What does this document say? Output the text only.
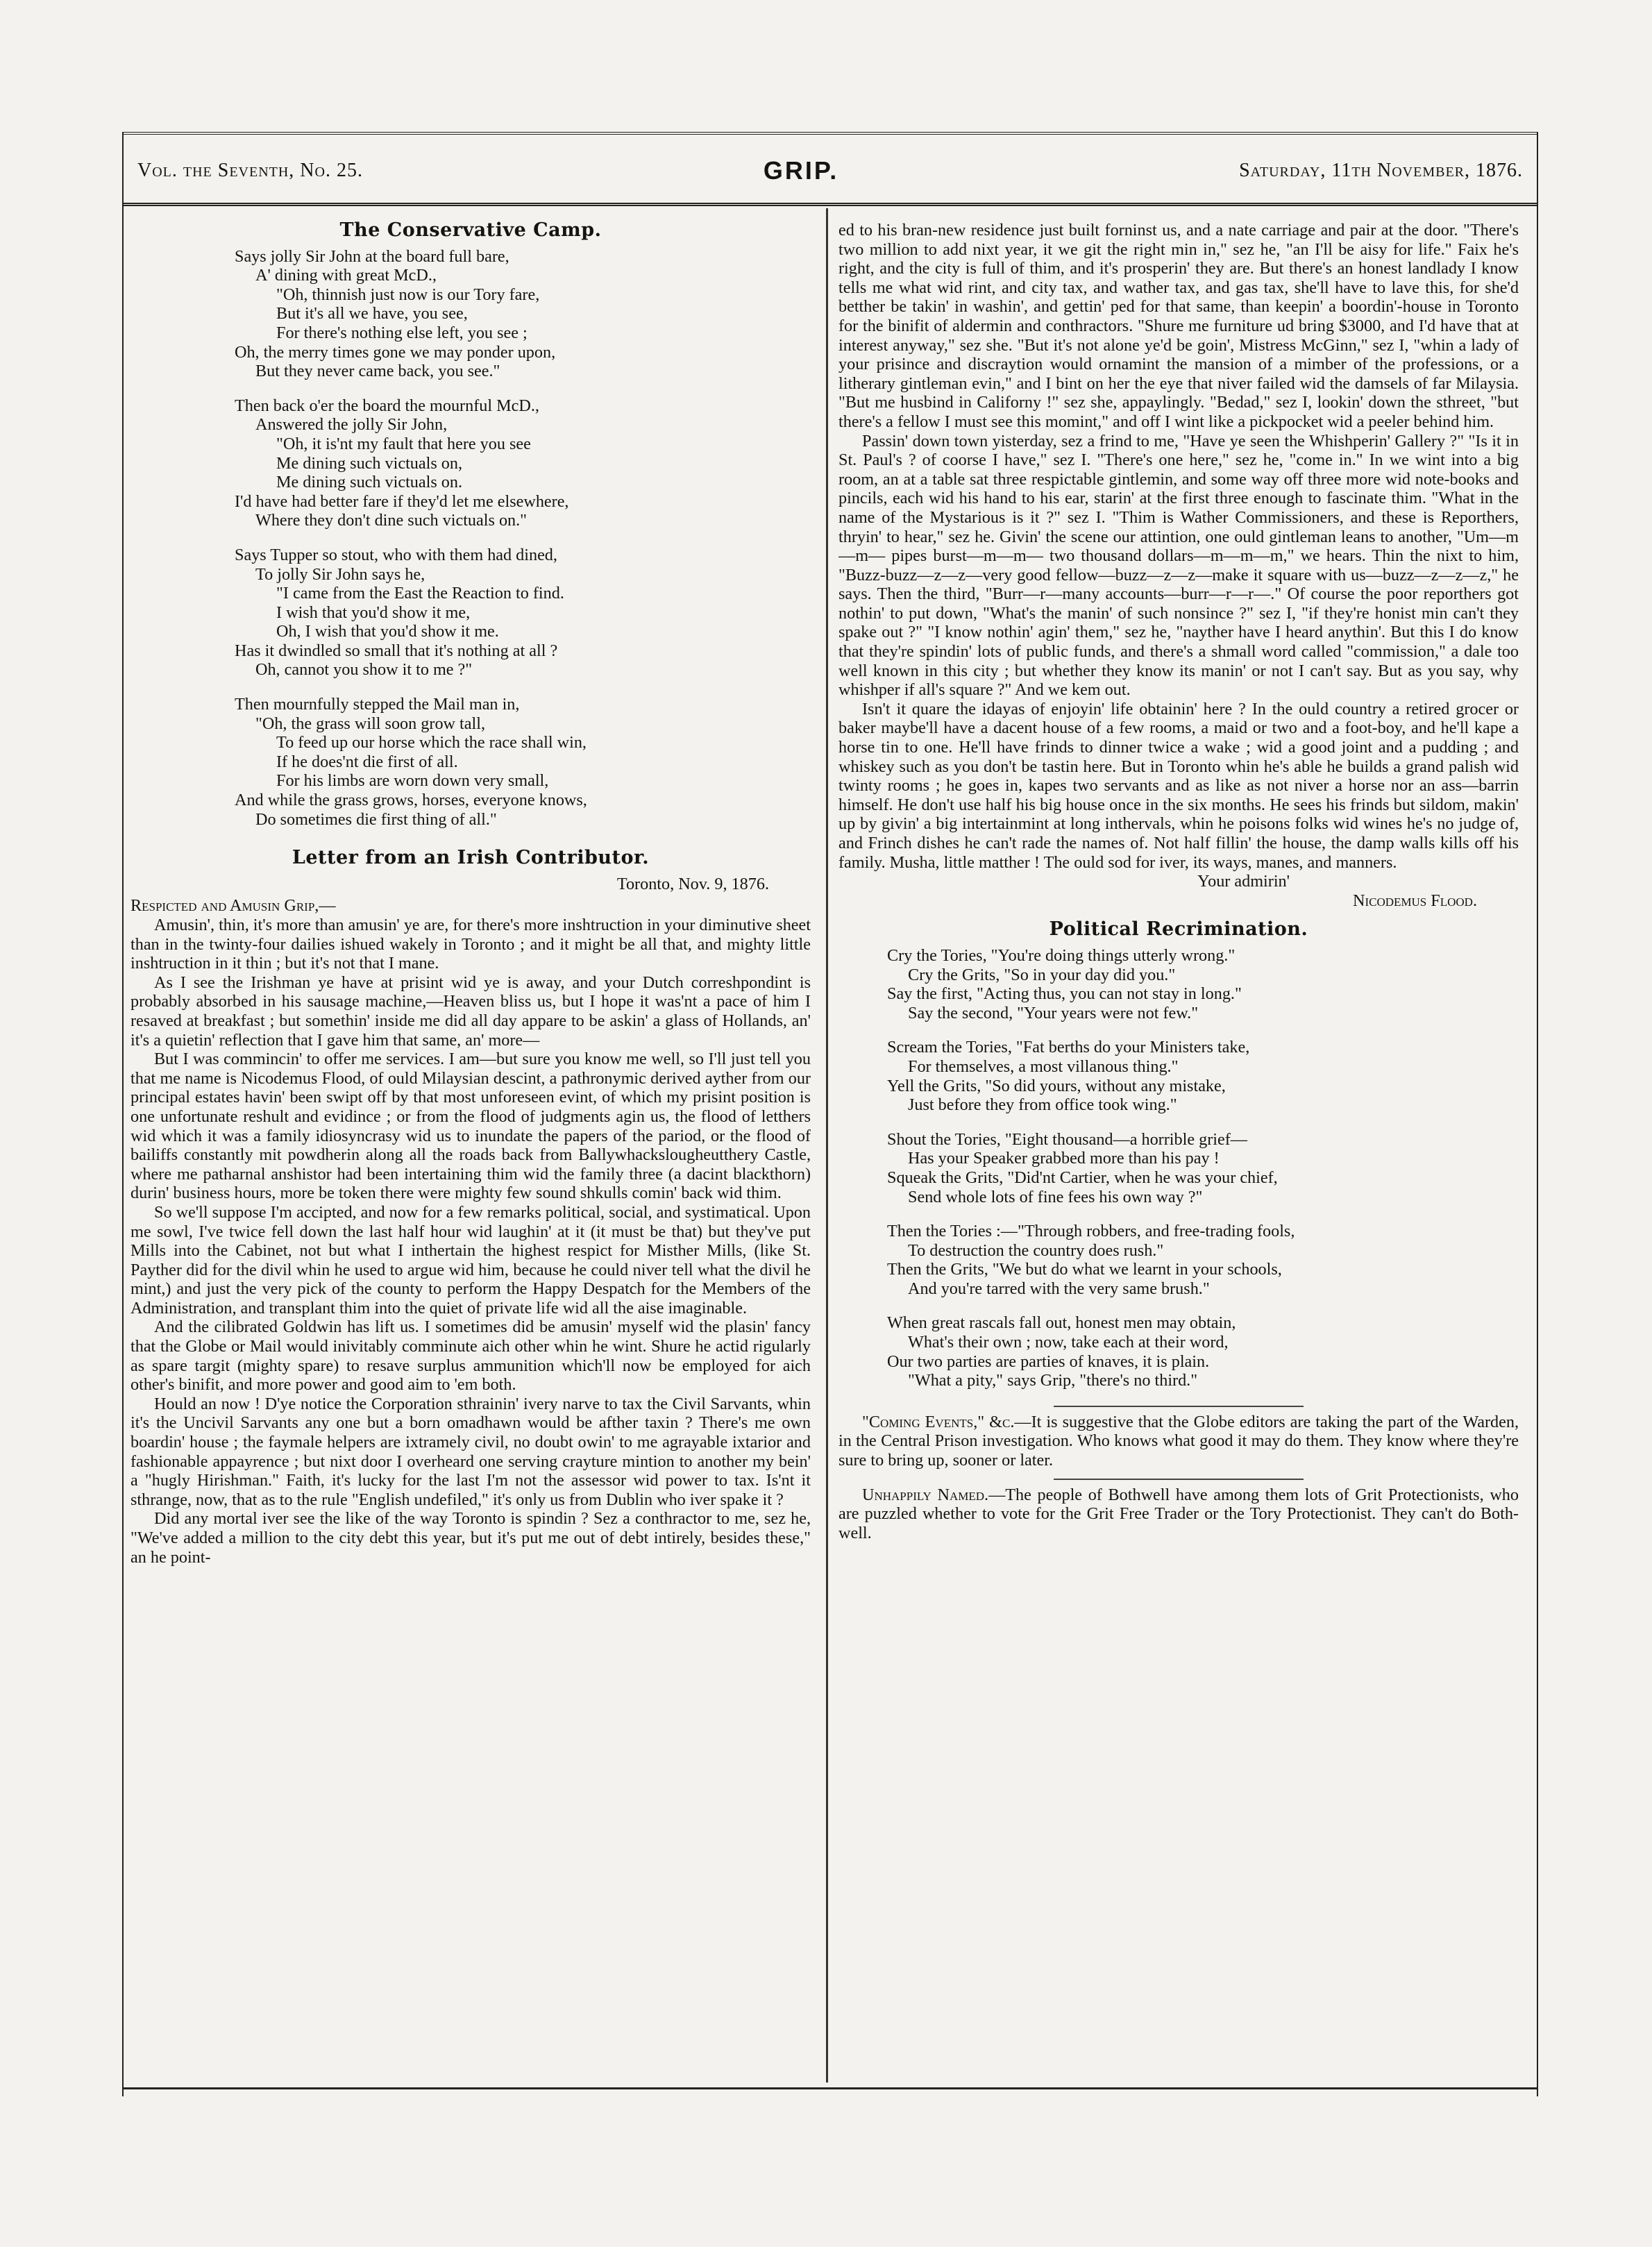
Vol. the Seventh, No. 25.	GRIP.	Saturday, 11th November, 1876.
The Conservative Camp.
Says jolly Sir John at the board full bare,
A' dining with great McD.,
"Oh, thinnish just now is our Tory fare,
But it's all we have, you see,
For there's nothing else left, you see ;
Oh, the merry times gone we may ponder upon,
But they never came back, you see."
Then back o'er the board the mournful McD.,
Answered the jolly Sir John,
"Oh, it is'nt my fault that here you see
Me dining such victuals on,
Me dining such victuals on.
I'd have had better fare if they'd let me elsewhere,
Where they don't dine such victuals on."
Says Tupper so stout, who with them had dined,
To jolly Sir John says he,
"I came from the East the Reaction to find.
I wish that you'd show it me,
Oh, I wish that you'd show it me.
Has it dwindled so small that it's nothing at all ?
Oh, cannot you show it to me ?"
Then mournfully stepped the Mail man in,
"Oh, the grass will soon grow tall,
To feed up our horse which the race shall win,
If he does'nt die first of all.
For his limbs are worn down very small,
And while the grass grows, horses, everyone knows,
Do sometimes die first thing of all."
Letter from an Irish Contributor.

Toronto, Nov. 9, 1876.

Respicted and Amusin Grip,—

Amusin', thin, it's more than amusin' ye are, for there's more inshtruction in your diminutive sheet than in the twinty-four dailies ishued wakely in Toronto ; and it might be all that, and mighty little inshtruction in it thin ; but it's not that I mane.

As I see the Irishman ye have at prisint wid ye is away, and your Dutch correshpondint is probably absorbed in his sausage machine,—Heaven bliss us, but I hope it was'nt a pace of him I resaved at breakfast ; but somethin' inside me did all day appare to be askin' a glass of Hollands, an' it's a quietin' reflection that I gave him that same, an' more—

But I was commincin' to offer me services. I am—but sure you know me well, so I'll just tell you that me name is Nicodemus Flood, of ould Milaysian descint, a pathronymic derived ayther from our principal estates havin' been swipt off by that most unforeseen evint, of which my prisint position is one unfortunate reshult and evidince ; or from the flood of judgments agin us, the flood of letthers wid which it was a family idiosyncrasy wid us to inundate the papers of the pariod, or the flood of bailiffs constantly mit powdherin along all the roads back from Ballywhackslougheutthery Castle, where me patharnal anshistor had been intertaining thim wid the family three (a dacint blackthorn) durin' business hours, more be token there were mighty few sound shkulls comin' back wid thim.

So we'll suppose I'm accipted, and now for a few remarks political, social, and systimatical. Upon me sowl, I've twice fell down the last half hour wid laughin' at it (it must be that) but they've put Mills into the Cabinet, not but what I inthertain the highest respict for Misther Mills, (like St. Payther did for the divil whin he used to argue wid him, because he could niver tell what the divil he mint,) and just the very pick of the county to perform the Happy Despatch for the Members of the Administration, and transplant thim into the quiet of private life wid all the aise imaginable.

And the cilibrated Goldwin has lift us. I sometimes did be amusin' myself wid the plasin' fancy that the Globe or Mail would inivitably comminute aich other whin he wint. Shure he actid rigularly as spare targit (mighty spare) to resave surplus ammunition which'll now be employed for aich other's binifit, and more power and good aim to 'em both.

Hould an now ! D'ye notice the Corporation sthrainin' ivery narve to tax the Civil Sarvants, whin it's the Uncivil Sarvants any one but a born omadhawn would be afther taxin ? There's me own boardin' house ; the faymale helpers are ixtramely civil, no doubt owin' to me agrayable ixtarior and fashionable appayrence ; but nixt door I overheard one serving crayture mintion to another my bein' a "hugly Hirishman." Faith, it's lucky for the last I'm not the assessor wid power to tax. Is'nt it sthrange, now, that as to the rule "English undefiled," it's only us from Dublin who iver spake it ?

Did any mortal iver see the like of the way Toronto is spindin ? Sez a conthractor to me, sez he, "We've added a million to the city debt this year, but it's put me out of debt intirely, besides these," an he point-

ed to his bran-new residence just built forninst us, and a nate carriage and pair at the door. "There's two million to add nixt year, it we git the right min in," sez he, "an I'll be aisy for life." Faix he's right, and the city is full of thim, and it's prosperin' they are. But there's an honest landlady I know tells me what wid rint, and city tax, and wather tax, and gas tax, she'll have to lave this, for she'd betther be takin' in washin', and gettin' ped for that same, than keepin' a boordin'-house in Toronto for the binifit of aldermin and conthractors. "Shure me furniture ud bring $3000, and I'd have that at interest anyway," sez she. "But it's not alone ye'd be goin', Mistress McGinn," sez I, "whin a lady of your prisince and discraytion would ornamint the mansion of a mimber of the professions, or a litherary gintleman evin," and I bint on her the eye that niver failed wid the damsels of far Milaysia. "But me husbind in Californy !" sez she, appaylingly. "Bedad," sez I, lookin' down the sthreet, "but there's a fellow I must see this momint," and off I wint like a pickpocket wid a peeler behind him.

Passin' down town yisterday, sez a frind to me, "Have ye seen the Whishperin' Gallery ?" "Is it in St. Paul's ? of coorse I have," sez I. "There's one here," sez he, "come in." In we wint into a big room, an at a table sat three respictable gintlemin, and some way off three more wid note-books and pincils, each wid his hand to his ear, starin' at the first three enough to fascinate thim. "What in the name of the Mystarious is it ?" sez I. "Thim is Wather Commissioners, and these is Reporthers, thryin' to hear," sez he. Givin' the scene our attintion, one ould gintleman leans to another, "Um—m—m— pipes burst—m—m— two thousand dollars—m—m—m," we hears. Thin the nixt to him, "Buzz-buzz—z—z—very good fellow—buzz—z—z—make it square with us—buzz—z—z—z," he says. Then the third, "Burr—r—many accounts—burr—r—r—." Of course the poor reporthers got nothin' to put down, "What's the manin' of such nonsince ?" sez I, "if they're honist min can't they spake out ?" "I know nothin' agin' them," sez he, "nayther have I heard anythin'. But this I do know that they're spindin' lots of public funds, and there's a shmall word called "commission," a dale too well known in this city ; but whether they know its manin' or not I can't say. But as you say, why whishper if all's square ?" And we kem out.

Isn't it quare the idayas of enjoyin' life obtainin' here ? In the ould country a retired grocer or baker maybe'll have a dacent house of a few rooms, a maid or two and a foot-boy, and he'll kape a horse tin to one. He'll have frinds to dinner twice a wake ; wid a good joint and a pudding ; and whiskey such as you don't be tastin here. But in Toronto whin he's able he builds a grand palish wid twinty rooms ; he goes in, kapes two servants and as like as not niver a horse nor an ass—barrin himself. He don't use half his big house once in the six months. He sees his frinds but sildom, makin' up by givin' a big intertainmint at long inthervals, whin he poisons folks wid wines he's no judge of, and Frinch dishes he can't rade the names of. Not half fillin' the house, the damp walls kills off his family. Musha, little matther ! The ould sod for iver, its ways, manes, and manners.

Your admirin'

Nicodemus Flood.

Political Recrimination.
Cry the Tories, "You're doing things utterly wrong."
Cry the Grits, "So in your day did you."
Say the first, "Acting thus, you can not stay in long."
Say the second, "Your years were not few."
Scream the Tories, "Fat berths do your Ministers take,
For themselves, a most villanous thing."
Yell the Grits, "So did yours, without any mistake,
Just before they from office took wing."
Shout the Tories, "Eight thousand—a horrible grief—
Has your Speaker grabbed more than his pay !
Squeak the Grits, "Did'nt Cartier, when he was your chief,
Send whole lots of fine fees his own way ?"
Then the Tories :—"Through robbers, and free-trading fools,
To destruction the country does rush."
Then the Grits, "We but do what we learnt in your schools,
And you're tarred with the very same brush."
When great rascals fall out, honest men may obtain,
What's their own ; now, take each at their word,
Our two parties are parties of knaves, it is plain.
"What a pity," says Grip, "there's no third."

"Coming Events," &c.—It is suggestive that the Globe editors are taking the part of the Warden, in the Central Prison investigation. Who knows what good it may do them. They know where they're sure to bring up, sooner or later.

Unhappily Named.—The people of Bothwell have among them lots of Grit Protectionists, who are puzzled whether to vote for the Grit Free Trader or the Tory Protectionist. They can't do Both-well.
